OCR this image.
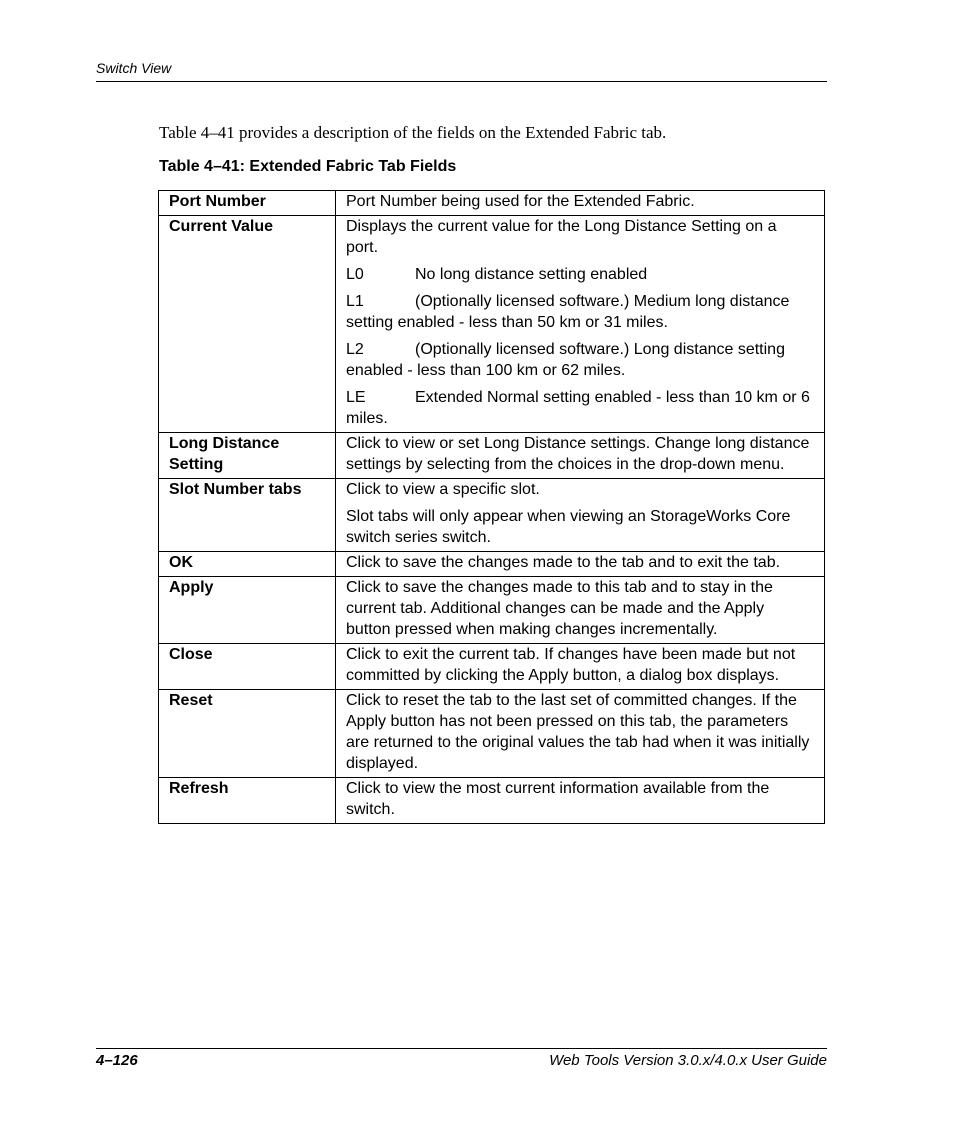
Switch View
Table 4–41 provides a description of the fields on the Extended Fabric tab.
Table 4–41: Extended Fabric Tab Fields
Port Number	Port Number being used for the Extended Fabric.

Current Value	Displays the current value for the Long Distance Setting on a port.

L0 No long distance setting enabled

L1 (Optionally licensed software.) Medium long distance setting enabled - less than 50 km or 31 miles.

L2 (Optionally licensed software.) Long distance setting enabled - less than 100 km or 62 miles.

LE Extended Normal setting enabled - less than 10 km or 6 miles.

Long Distance Setting	Click to view or set Long Distance settings. Change long distance settings by selecting from the choices in the drop-down menu.

Slot Number tabs	Click to view a specific slot.

Slot tabs will only appear when viewing an StorageWorks Core switch series switch.

OK	Click to save the changes made to the tab and to exit the tab.

Apply	Click to save the changes made to this tab and to stay in the current tab. Additional changes can be made and the Apply button pressed when making changes incrementally.

Close	Click to exit the current tab. If changes have been made but not committed by clicking the Apply button, a dialog box displays.

Reset	Click to reset the tab to the last set of committed changes. If the Apply button has not been pressed on this tab, the parameters are returned to the original values the tab had when it was initially displayed.

Refresh	Click to view the most current information available from the switch.

4–126	Web Tools Version 3.0.x/4.0.x User Guide
